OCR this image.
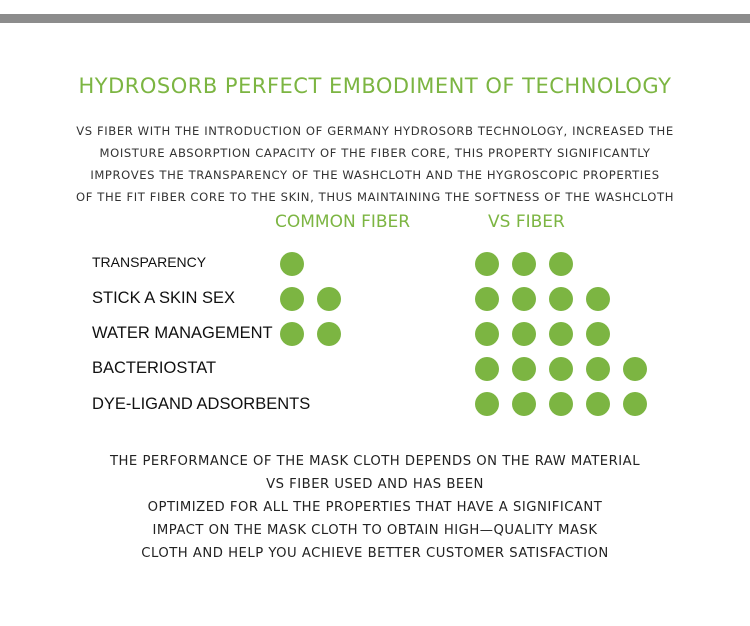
HYDROSORB PERFECT EMBODIMENT OF TECHNOLOGY
VS FIBER WITH THE INTRODUCTION OF GERMANY HYDROSORB TECHNOLOGY, INCREASED THE
MOISTURE ABSORPTION CAPACITY OF THE FIBER CORE, THIS PROPERTY SIGNIFICANTLY
IMPROVES THE TRANSPARENCY OF THE WASHCLOTH AND THE HYGROSCOPIC PROPERTIES
OF THE FIT FIBER CORE TO THE SKIN, THUS MAINTAINING THE SOFTNESS OF THE WASHCLOTH
COMMON FIBER	VS FIBER
TRANSPARENCY
STICK A SKIN SEX
WATER MANAGEMENT
BACTERIOSTAT
DYE-LIGAND ADSORBENTS
THE PERFORMANCE OF THE MASK CLOTH DEPENDS ON THE RAW MATERIAL
VS FIBER USED AND HAS BEEN
OPTIMIZED FOR ALL THE PROPERTIES THAT HAVE A SIGNIFICANT
IMPACT ON THE MASK CLOTH TO OBTAIN HIGH—QUALITY MASK
CLOTH AND HELP YOU ACHIEVE BETTER CUSTOMER SATISFACTION
